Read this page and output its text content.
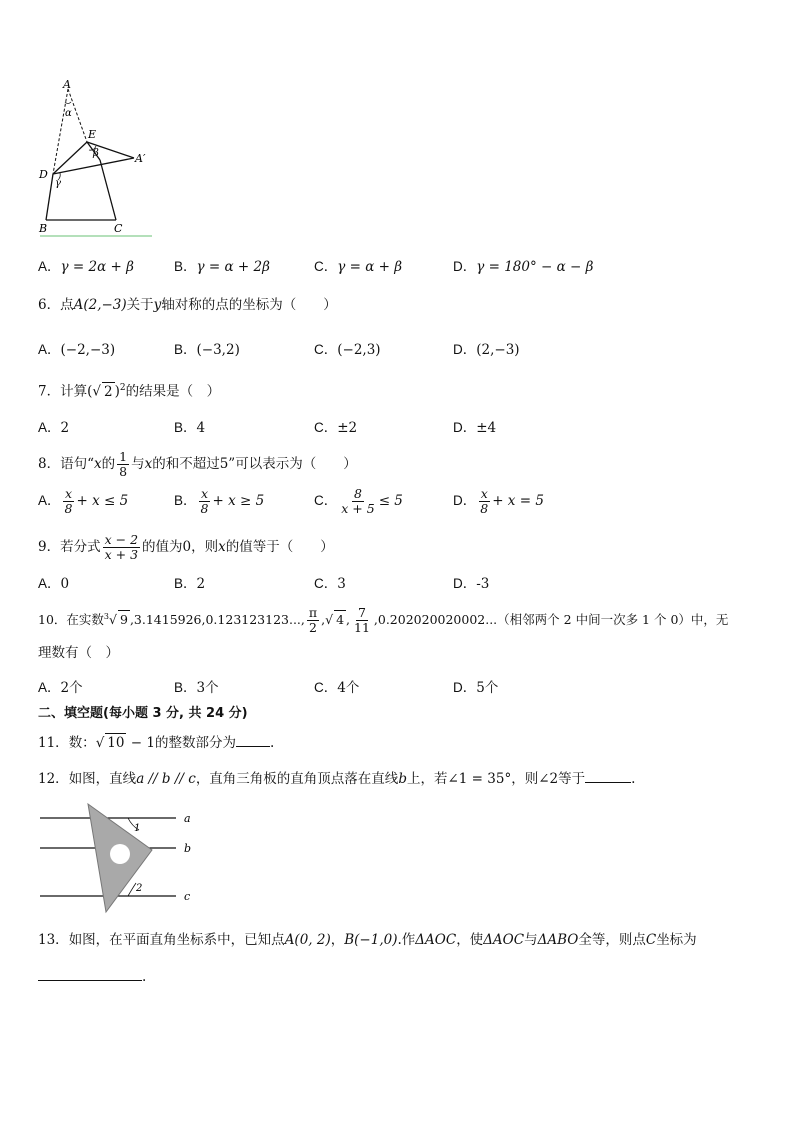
A
α
E
β	A′
D
γ
B	C
A．γ = 2α + β	B．γ = α + 2β	C．γ = α + β	D．γ = 180° − α − β
6．点A(2,−3)关于y轴对称的点的坐标为（　　）
A．(−2,−3)	B．(−3,2)	C．(−2,3)	D．(2,−3)
7．计算(√ 2 )$^2$的结果是（　）
A．2	B．4	C．±2	D．±4
8．语句“x的 $\frac{1}{8}$ 与x的和不超过5”可以表示为（　　）
A． $\frac{x}{8} + x \le 5$	B． $\frac{x}{8} + x \ge 5$	C． $\frac{8}{x + 5} \le 5$	D． $\frac{x}{8} + x = 5$
9．若分式 $\frac{x - 2}{x + 3}$ 的值为0，则x的值等于（　　）
A．0	B．2	C．3	D．-3
10．在实数$^3$√ 9 ,3.1415926,0.123123123..., $\frac{\pi}{2}$ ,√ 4 , $\frac{7}{11} ,0.202020020002$...（相邻两个 2 中间一次多 1 个 0）中，无
理数有（　）
A．2个	B．3个	C．4个	D．5个
二、填空题(每小题 3 分, 共 24 分)
11．数：√ 10 − 1的整数部分为	.
12．如图，直线a // b // c，直角三角板的直角顶点落在直线b上，若∠1 = 35°，则∠2等于	.
1
2
a
b
c
13．如图，在平面直角坐标系中，已知点A(0, 2)，B(−1,0).作ΔAOC，使ΔAOC与ΔABO全等，则点C坐标为
.
